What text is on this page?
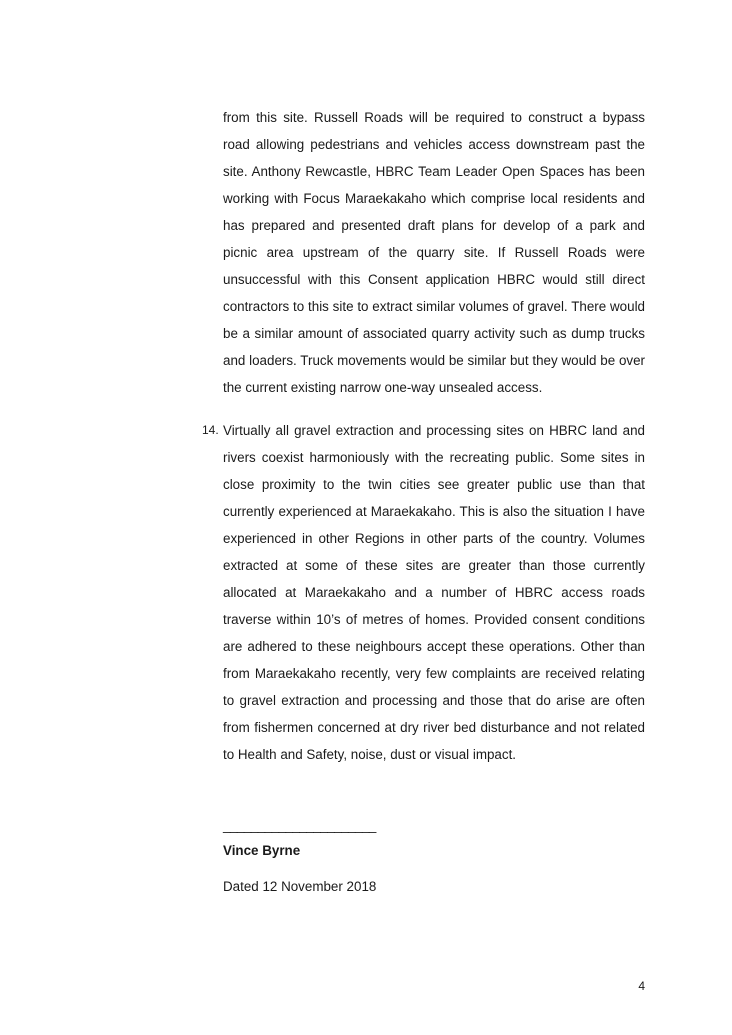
from this site. Russell Roads will be required to construct a bypass road allowing pedestrians and vehicles access downstream past the site. Anthony Rewcastle, HBRC Team Leader Open Spaces has been working with Focus Maraekakaho which comprise local residents and has prepared and presented draft plans for develop of a park and picnic area upstream of the quarry site. If Russell Roads were unsuccessful with this Consent application HBRC would still direct contractors to this site to extract similar volumes of gravel. There would be a similar amount of associated quarry activity such as dump trucks and loaders. Truck movements would be similar but they would be over the current existing narrow one-way unsealed access.

14. Virtually all gravel extraction and processing sites on HBRC land and rivers coexist harmoniously with the recreating public. Some sites in close proximity to the twin cities see greater public use than that currently experienced at Maraekakaho. This is also the situation I have experienced in other Regions in other parts of the country. Volumes extracted at some of these sites are greater than those currently allocated at Maraekakaho and a number of HBRC access roads traverse within 10’s of metres of homes. Provided consent conditions are adhered to these neighbours accept these operations. Other than from Maraekakaho recently, very few complaints are received relating to gravel extraction and processing and those that do arise are often from fishermen concerned at dry river bed disturbance and not related to Health and Safety, noise, dust or visual impact.

______________________

Vince Byrne

Dated 12 November 2018

4
